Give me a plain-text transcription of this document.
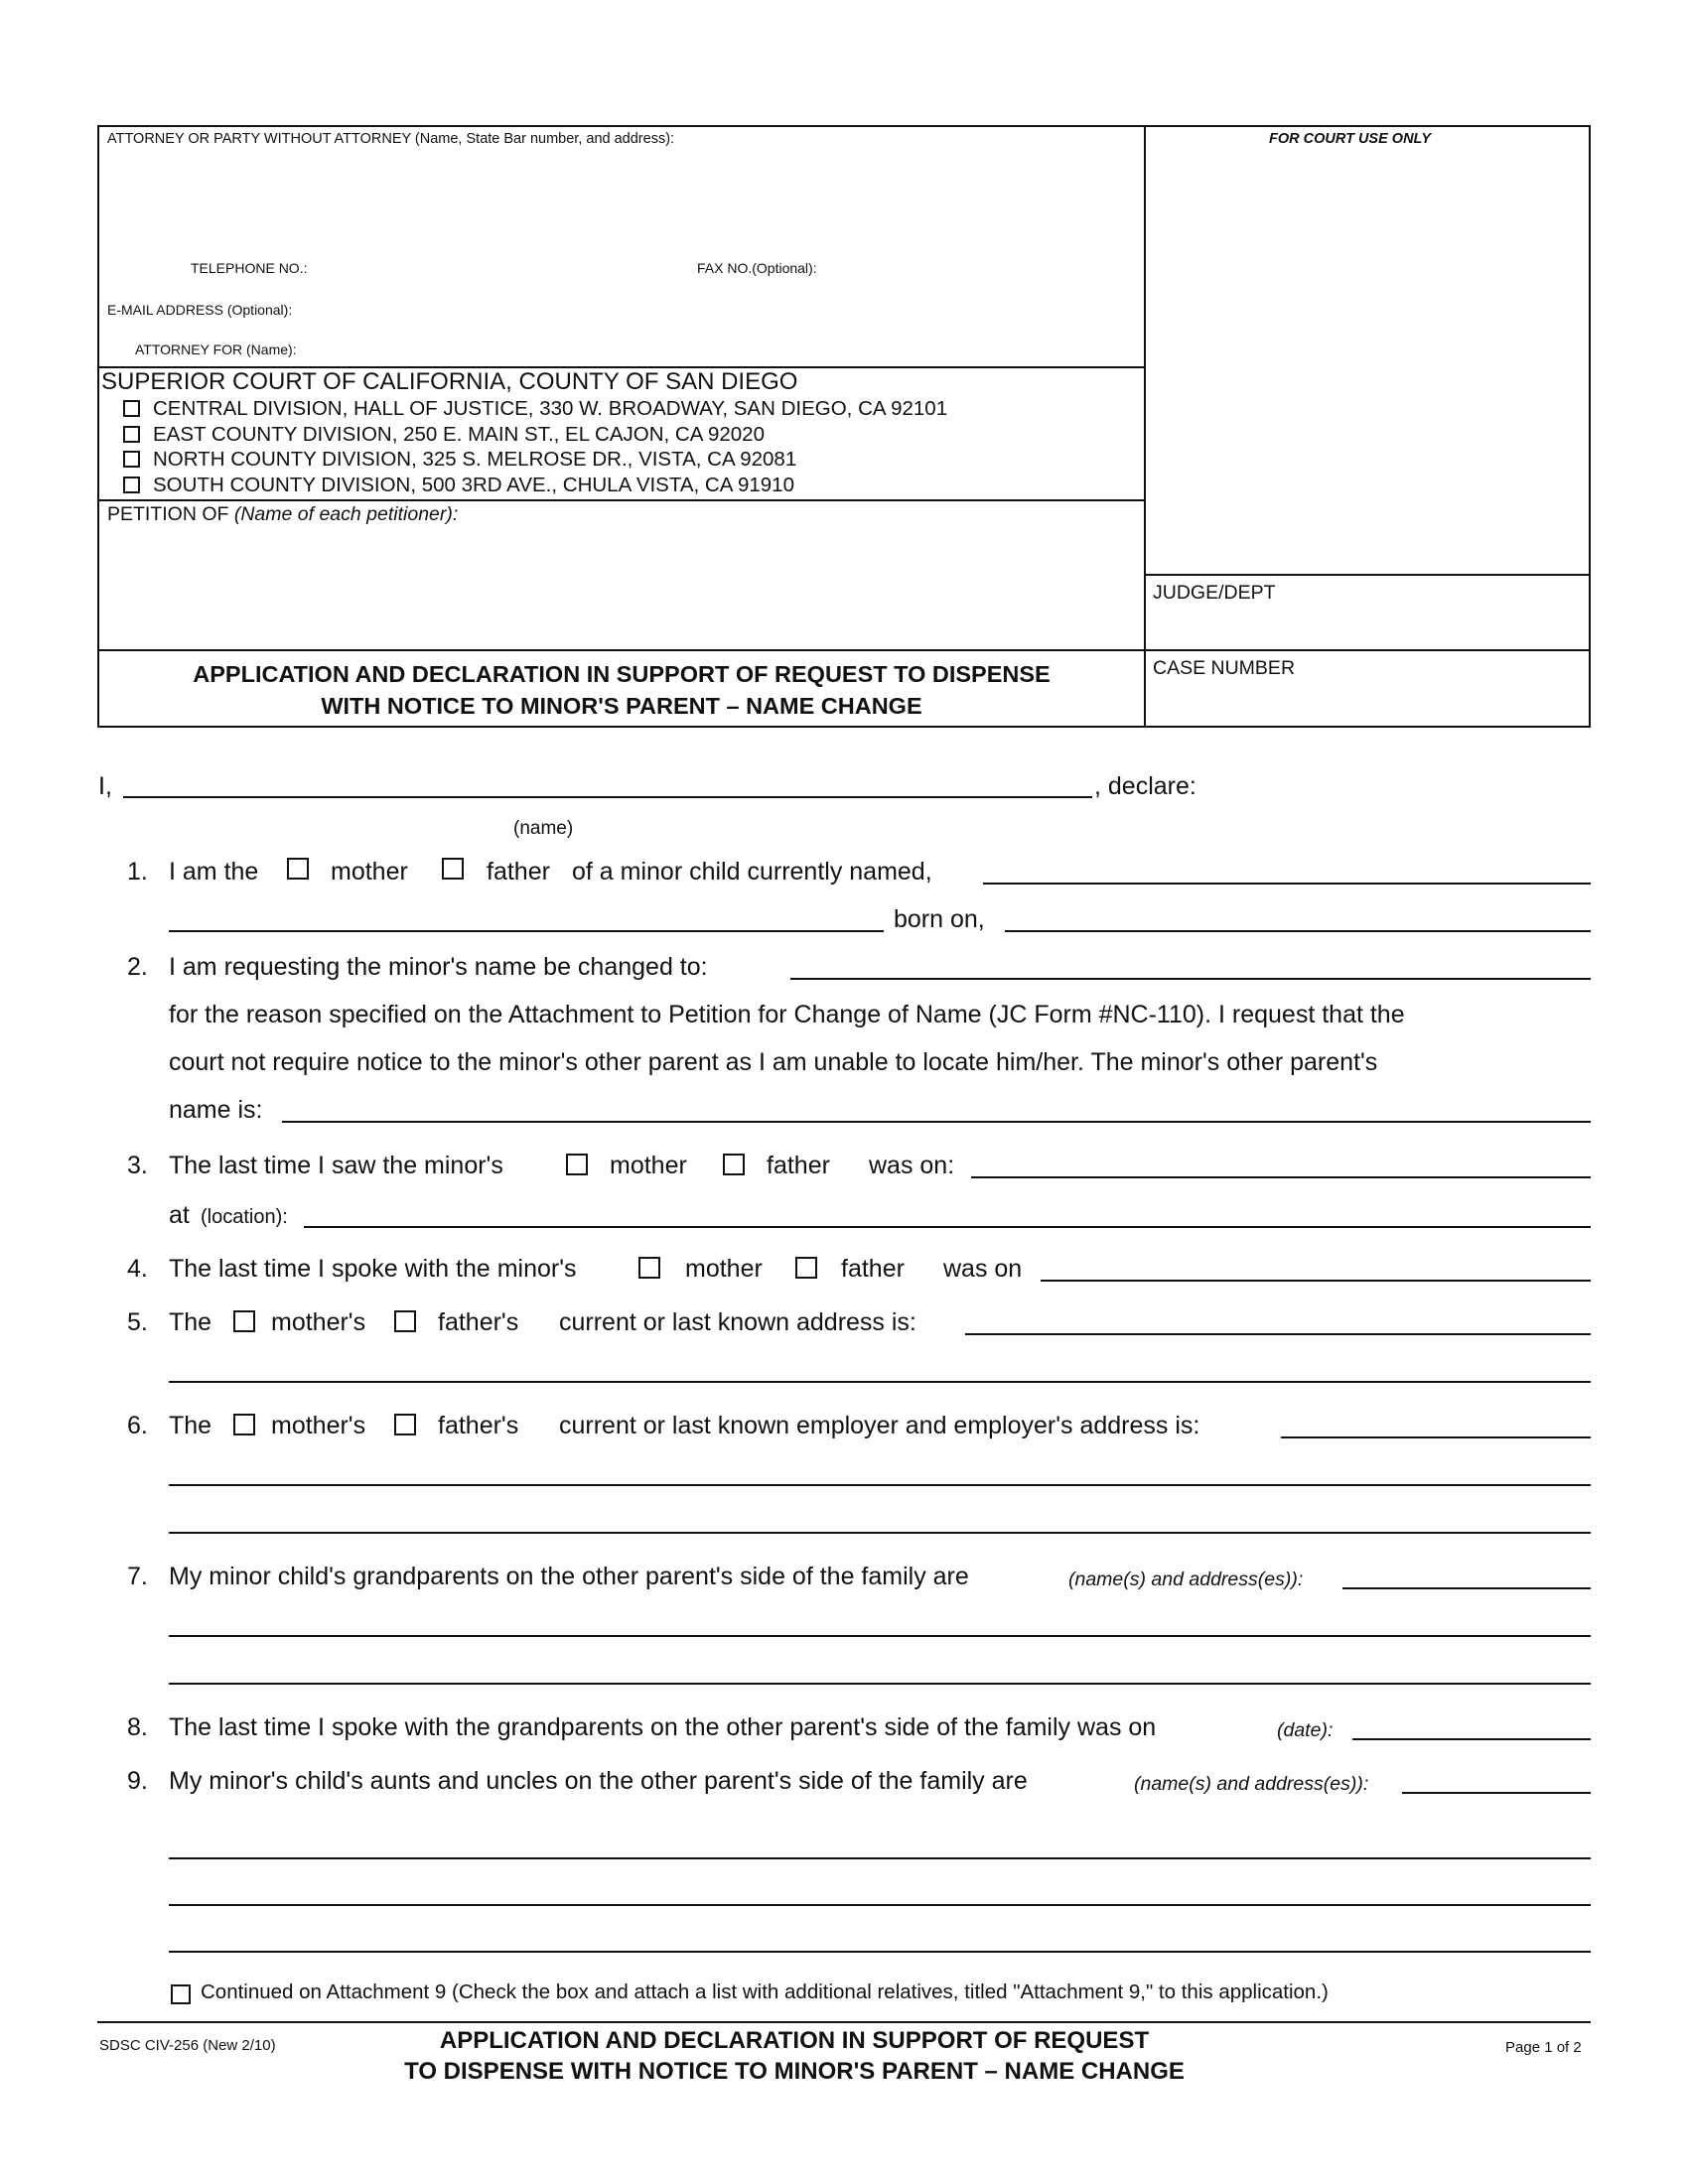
ATTORNEY OR PARTY WITHOUT ATTORNEY (Name, State Bar number, and address):	FOR COURT USE ONLY
TELEPHONE NO.:	FAX NO.(Optional):
E-MAIL ADDRESS (Optional):
ATTORNEY FOR (Name):
SUPERIOR COURT OF CALIFORNIA, COUNTY OF SAN DIEGO
CENTRAL DIVISION, HALL OF JUSTICE, 330 W. BROADWAY, SAN DIEGO, CA 92101
EAST COUNTY DIVISION, 250 E. MAIN ST., EL CAJON, CA 92020
NORTH COUNTY DIVISION, 325 S. MELROSE DR., VISTA, CA 92081
SOUTH COUNTY DIVISION, 500 3RD AVE., CHULA VISTA, CA 91910
PETITION OF (Name of each petitioner):
JUDGE/DEPT
CASE NUMBER
APPLICATION AND DECLARATION IN SUPPORT OF REQUEST TO DISPENSE
WITH NOTICE TO MINOR'S PARENT – NAME CHANGE
I,	, declare:
(name)
1. I am the	mother	father of a minor child currently named,
born on,
2. I am requesting the minor's name be changed to:
for the reason specified on the Attachment to Petition for Change of Name (JC Form #NC-110). I request that the
court not require notice to the minor's other parent as I am unable to locate him/her. The minor's other parent's
name is:
3. The last time I saw the minor's	mother	father was on:
at (location):
4. The last time I spoke with the minor's	mother	father was on
5. The mother's	father's current or last known address is:
6. The mother's	father's current or last known employer and employer's address is:
7. My minor child's grandparents on the other parent's side of the family are	(name(s) and address(es)):
8. The last time I spoke with the grandparents on the other parent's side of the family was on	(date):
9. My minor's child's aunts and uncles on the other parent's side of the family are	(name(s) and address(es)):
Continued on Attachment 9 (Check the box and attach a list with additional relatives, titled "Attachment 9," to this application.)
SDSC CIV-256 (New 2/10)	APPLICATION AND DECLARATION IN SUPPORT OF REQUEST
TO DISPENSE WITH NOTICE TO MINOR'S PARENT – NAME CHANGE
Page 1 of 2
